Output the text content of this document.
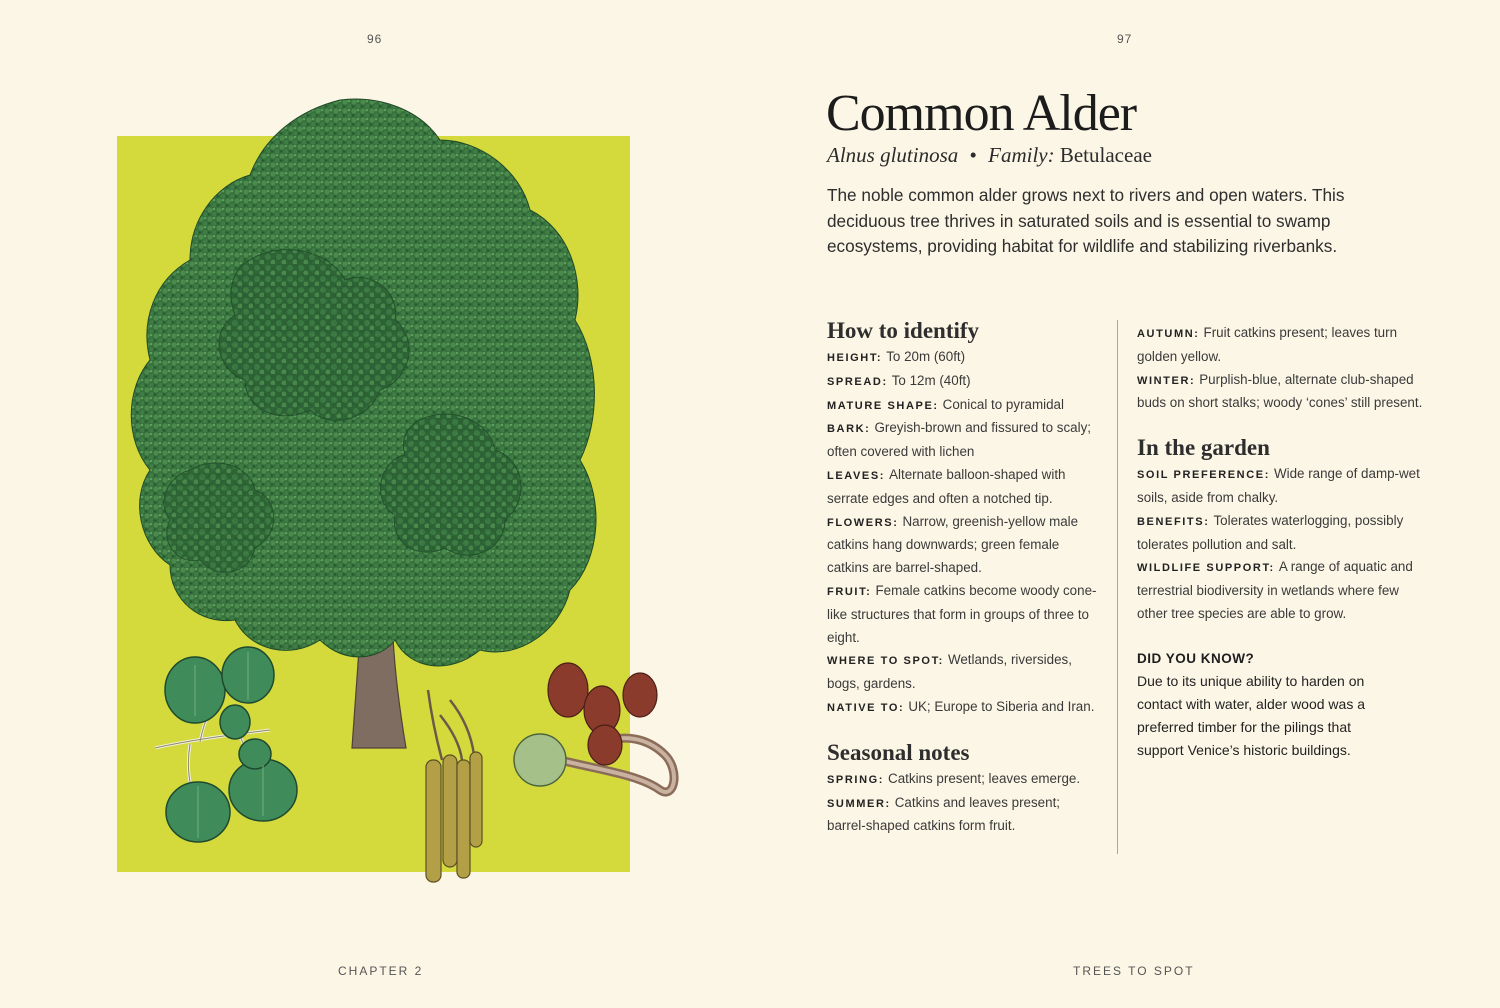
96	97
Common Alder
Alnus glutinosa • Family: Betulaceae
The noble common alder grows next to rivers and open waters. This deciduous tree thrives in saturated soils and is essential to swamp ecosystems, providing habitat for wildlife and stabilizing riverbanks.
How to identify

HEIGHT: To 20m (60ft)

SPREAD: To 12m (40ft)

MATURE SHAPE: Conical to pyramidal

BARK: Greyish-brown and fissured to scaly; often covered with lichen

LEAVES: Alternate balloon-shaped with serrate edges and often a notched tip.

FLOWERS: Narrow, greenish-yellow male catkins hang downwards; green female catkins are barrel-shaped.

FRUIT: Female catkins become woody cone-like structures that form in groups of three to eight.

WHERE TO SPOT: Wetlands, riversides, bogs, gardens.

NATIVE TO: UK; Europe to Siberia and Iran.

Seasonal notes

SPRING: Catkins present; leaves emerge.

SUMMER: Catkins and leaves present; barrel-shaped catkins form fruit.

AUTUMN: Fruit catkins present; leaves turn golden yellow.

WINTER: Purplish-blue, alternate club-shaped buds on short stalks; woody ‘cones’ still present.

In the garden

SOIL PREFERENCE: Wide range of damp-wet soils, aside from chalky.

BENEFITS: Tolerates waterlogging, possibly tolerates pollution and salt.

WILDLIFE SUPPORT: A range of aquatic and terrestrial biodiversity in wetlands where few other tree species are able to grow.

DID YOU KNOW?
Due to its unique ability to harden on contact with water, alder wood was a preferred timber for the pilings that support Venice’s historic buildings.
CHAPTER 2	TREES TO SPOT
